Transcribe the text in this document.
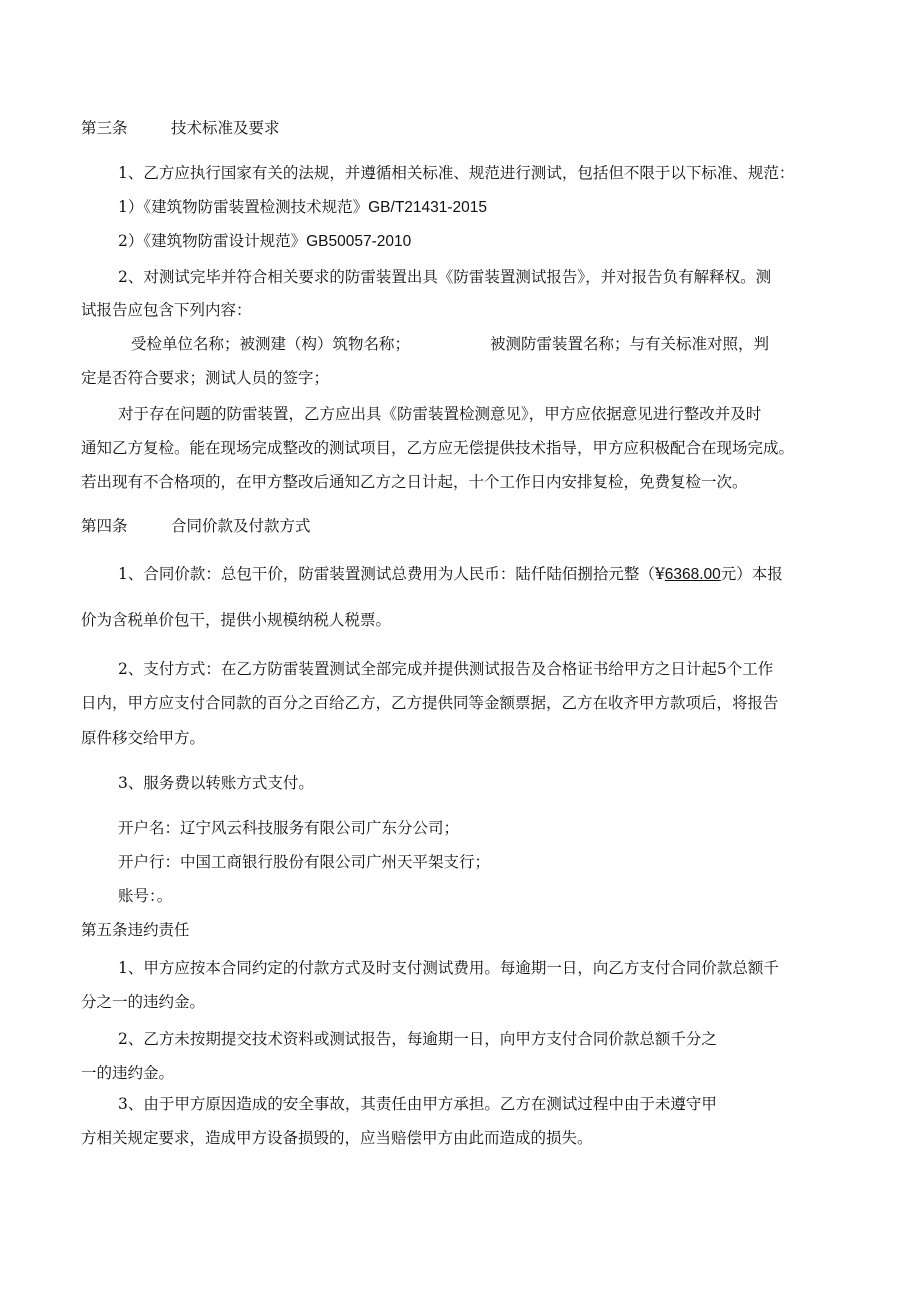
第三条	技术标准及要求
1、乙方应执行国家有关的法规，并遵循相关标准、规范进行测试，包括但不限于以下标准、规范：
1）《建筑物防雷装置检测技术规范》GB/T21431-2015
2）《建筑物防雷设计规范》GB50057-2010
2、对测试完毕并符合相关要求的防雷装置出具《防雷装置测试报告》，并对报告负有解释权。测
试报告应包含下列内容：
受检单位名称；被测建（构）筑物名称；	被测防雷装置名称；与有关标准对照，判
定是否符合要求；测试人员的签字；
对于存在问题的防雷装置，乙方应出具《防雷装置检测意见》，甲方应依据意见进行整改并及时
通知乙方复检。能在现场完成整改的测试项目，乙方应无偿提供技术指导，甲方应积极配合在现场完成。
若出现有不合格项的，在甲方整改后通知乙方之日计起，十个工作日内安排复检，免费复检一次。
第四条	合同价款及付款方式
1、合同价款：总包干价，防雷装置测试总费用为人民币：陆仟陆佰捌拾元整（¥6368.00元）本报
价为含税单价包干，提供小规模纳税人税票。
2、支付方式：在乙方防雷装置测试全部完成并提供测试报告及合格证书给甲方之日计起5个工作
日内，甲方应支付合同款的百分之百给乙方，乙方提供同等金额票据，乙方在收齐甲方款项后，将报告
原件移交给甲方。
3、服务费以转账方式支付。
开户名：辽宁风云科技服务有限公司广东分公司；
开户行：中国工商银行股份有限公司广州天平架支行；
账号：。
第五条违约责任
1、甲方应按本合同约定的付款方式及时支付测试费用。每逾期一日，向乙方支付合同价款总额千
分之一的违约金。
2、乙方未按期提交技术资料或测试报告，每逾期一日，向甲方支付合同价款总额千分之
一的违约金。
3、由于甲方原因造成的安全事故，其责任由甲方承担。乙方在测试过程中由于未遵守甲
方相关规定要求，造成甲方设备损毁的，应当赔偿甲方由此而造成的损失。
